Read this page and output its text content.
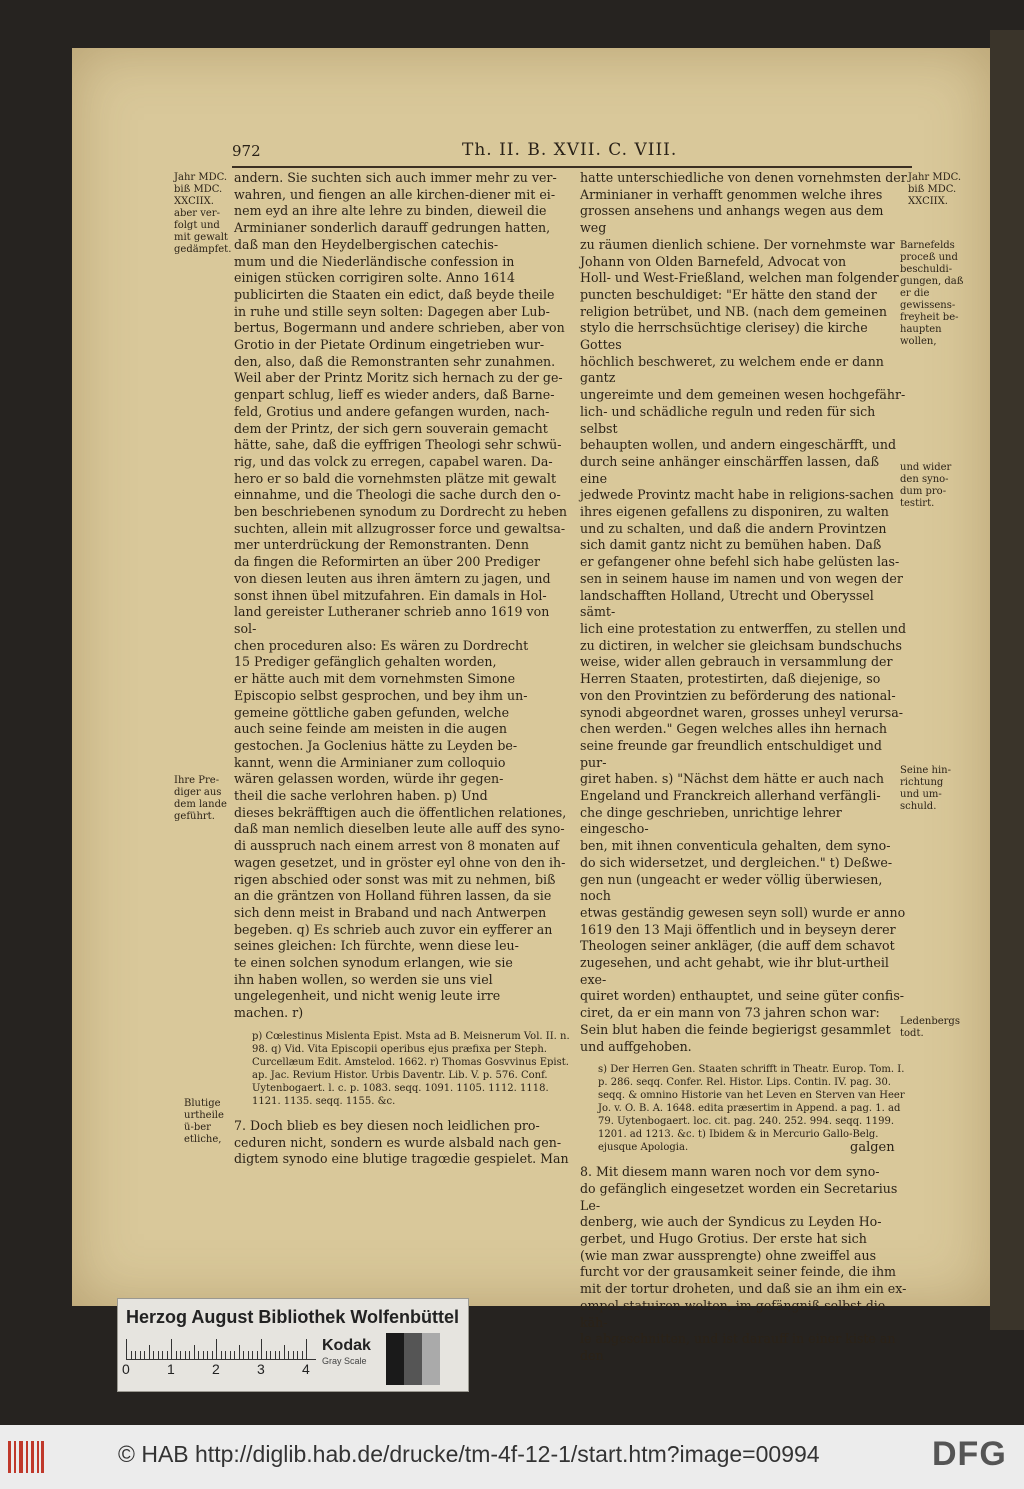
972	Th. II. B. XVII. C. VIII.

andern. Sie suchten sich auch immer mehr zu ver-

wahren, und fiengen an alle kirchen-diener mit ei-

nem eyd an ihre alte lehre zu binden, dieweil die

Arminianer sonderlich darauff gedrungen hatten,

daß man den Heydelbergischen catechis-

mum und die Niederländische confession in

einigen stücken corrigiren solte. Anno 1614

publicirten die Staaten ein edict, daß beyde theile

in ruhe und stille seyn solten: Dagegen aber Lub-

bertus, Bogermann und andere schrieben, aber von

Grotio in der Pietate Ordinum eingetrieben wur-

den, also, daß die Remonstranten sehr zunahmen.

Weil aber der Printz Moritz sich hernach zu der ge-

genpart schlug, lieff es wieder anders, daß Barne-

feld, Grotius und andere gefangen wurden, nach-

dem der Printz, der sich gern souverain gemacht

hätte, sahe, daß die eyffrigen Theologi sehr schwü-

rig, und das volck zu erregen, capabel waren. Da-

hero er so bald die vornehmsten plätze mit gewalt

einnahme, und die Theologi die sache durch den o-

ben beschriebenen synodum zu Dordrecht zu heben

suchten, allein mit allzugrosser force und gewaltsa-

mer unterdrückung der Remonstranten. Denn

da fingen die Reformirten an über 200 Prediger

von diesen leuten aus ihren ämtern zu jagen, und

sonst ihnen übel mitzufahren. Ein damals in Hol-

land gereister Lutheraner schrieb anno 1619 von sol-

chen proceduren also: Es wären zu Dordrecht

15 Prediger gefänglich gehalten worden,

er hätte auch mit dem vornehmsten Simone

Episcopio selbst gesprochen, und bey ihm un-

gemeine göttliche gaben gefunden, welche

auch seine feinde am meisten in die augen

gestochen. Ja Goclenius hätte zu Leyden be-

kannt, wenn die Arminianer zum colloquio

wären gelassen worden, würde ihr gegen-

theil die sache verlohren haben. p) Und

dieses bekräfftigen auch die öffentlichen relationes,

daß man nemlich dieselben leute alle auff des syno-

di ausspruch nach einem arrest von 8 monaten auf

wagen gesetzet, und in gröster eyl ohne von den ih-

rigen abschied oder sonst was mit zu nehmen, biß

an die gräntzen von Holland führen lassen, da sie

sich denn meist in Braband und nach Antwerpen

begeben. q) Es schrieb auch zuvor ein eyfferer an

seines gleichen: Ich fürchte, wenn diese leu-

te einen solchen synodum erlangen, wie sie

ihn haben wollen, so werden sie uns viel

ungelegenheit, und nicht wenig leute irre

machen. r)

p) Cœlestinus Mislenta Epist. Msta ad B. Meisnerum Vol. II. n. 98. q) Vid. Vita Episcopii operibus ejus præfixa per Steph. Curcellæum Edit. Amstelod. 1662. r) Thomas Gosvvinus Epist. ap. Jac. Revium Histor. Urbis Daventr. Lib. V. p. 576. Conf. Uytenbogaert. l. c. p. 1083. seqq. 1091. 1105. 1112. 1118. 1121. 1135. seqq. 1155. &c.

7. Doch blieb es bey diesen noch leidlichen pro-

ceduren nicht, sondern es wurde alsbald nach gen-

digtem synodo eine blutige tragœdie gespielet. Man

hatte unterschiedliche von denen vornehmsten der

Arminianer in verhafft genommen welche ihres

grossen ansehens und anhangs wegen aus dem weg

zu räumen dienlich schiene. Der vornehmste war

Johann von Olden Barnefeld, Advocat von

Holl- und West-Frießland, welchen man folgender

puncten beschuldiget: "Er hätte den stand der

religion betrübet, und NB. (nach dem gemeinen

stylo die herrschsüchtige clerisey) die kirche Gottes

höchlich beschweret, zu welchem ende er dann gantz

ungereimte und dem gemeinen wesen hochgefähr-

lich- und schädliche reguln und reden für sich selbst

behaupten wollen, und andern eingeschärfft, und

durch seine anhänger einschärffen lassen, daß eine

jedwede Provintz macht habe in religions-sachen

ihres eigenen gefallens zu disponiren, zu walten

und zu schalten, und daß die andern Provintzen

sich damit gantz nicht zu bemühen haben. Daß

er gefangener ohne befehl sich habe gelüsten las-

sen in seinem hause im namen und von wegen der

landschafften Holland, Utrecht und Oberyssel sämt-

lich eine protestation zu entwerffen, zu stellen und

zu dictiren, in welcher sie gleichsam bundschuchs

weise, wider allen gebrauch in versammlung der

Herren Staaten, protestirten, daß diejenige, so

von den Provintzien zu beförderung des national-

synodi abgeordnet waren, grosses unheyl verursa-

chen werden." Gegen welches alles ihn hernach

seine freunde gar freundlich entschuldiget und pur-

giret haben. s) "Nächst dem hätte er auch nach

Engeland und Franckreich allerhand verfängli-

che dinge geschrieben, unrichtige lehrer eingescho-

ben, mit ihnen conventicula gehalten, dem syno-

do sich widersetzet, und dergleichen." t) Deßwe-

gen nun (ungeacht er weder völlig überwiesen, noch

etwas geständig gewesen seyn soll) wurde er anno

1619 den 13 Maji öffentlich und in beyseyn derer

Theologen seiner ankläger, (die auff dem schavot

zugesehen, und acht gehabt, wie ihr blut-urtheil exe-

quiret worden) enthauptet, und seine güter confis-

ciret, da er ein mann von 73 jahren schon war:

Sein blut haben die feinde begierigst gesammlet

und auffgehoben.

s) Der Herren Gen. Staaten schrifft in Theatr. Europ. Tom. I. p. 286. seqq. Confer. Rel. Histor. Lips. Contin. IV. pag. 30. seqq. & omnino Historie van het Leven en Sterven van Heer Jo. v. O. B. A. 1648. edita præsertim in Append. a pag. 1. ad 79. Uytenbogaert. loc. cit. pag. 240. 252. 994. seqq. 1199. 1201. ad 1213. &c. t) Ibidem & in Mercurio Gallo-Belg. ejusque Apologia.

8. Mit diesem mann waren noch vor dem syno-

do gefänglich eingesetzet worden ein Secretarius Le-

denberg, wie auch der Syndicus zu Leyden Ho-

gerbet, und Hugo Grotius. Der erste hat sich

(wie man zwar aussprengte) ohne zweiffel aus

furcht vor der grausamkeit seiner feinde, die ihm

mit der tortur droheten, und daß sie an ihm ein ex-

empel statuiren wolten, im gefängniß selbst die käh-

le abgeschnitten, und ist darauff in einer kiste an den

galgen
Jahr MDC. biß MDC. XXCIIX. aber ver-folgt und mit gewalt gedämpfet.
Ihre Pre-diger aus dem lande geführt.
Blutige urtheile ü-ber etliche,
Jahr MDC. biß MDC. XXCIIX.
Barnefelds proceß und beschuldi-gungen, daß er die gewissens-freyheit be-haupten wollen,
und wider den syno-dum pro-testirt.
Seine hin-richtung und um-schuld.
Ledenbergs todt.
Herzog August Bibliothek Wolfenbüttel
0	1	2	3	4
Kodak
Gray Scale
© HAB http://diglib.hab.de/drucke/tm-4f-12-1/start.htm?image=00994	DFG
